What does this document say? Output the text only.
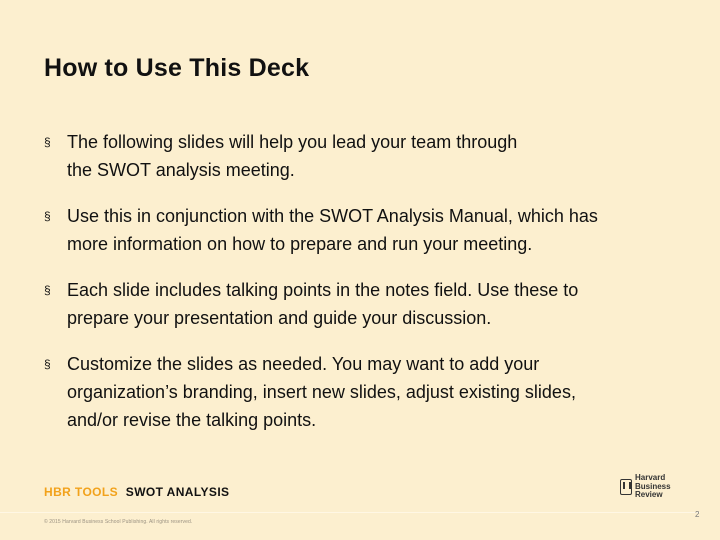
How to Use This Deck
§ The following slides will help you lead your team through
the SWOT analysis meeting.
§ Use this in conjunction with the SWOT Analysis Manual, which has
more information on how to prepare and run your meeting.
§ Each slide includes talking points in the notes field. Use these to
prepare your presentation and guide your discussion.
§ Customize the slides as needed. You may want to add your
organization’s branding, insert new slides, adjust existing slides,
and/or revise the talking points.
HBR TOOLS SWOT ANALYSIS
Harvard
Business
Review
2
© 2015 Harvard Business School Publishing. All rights reserved.
